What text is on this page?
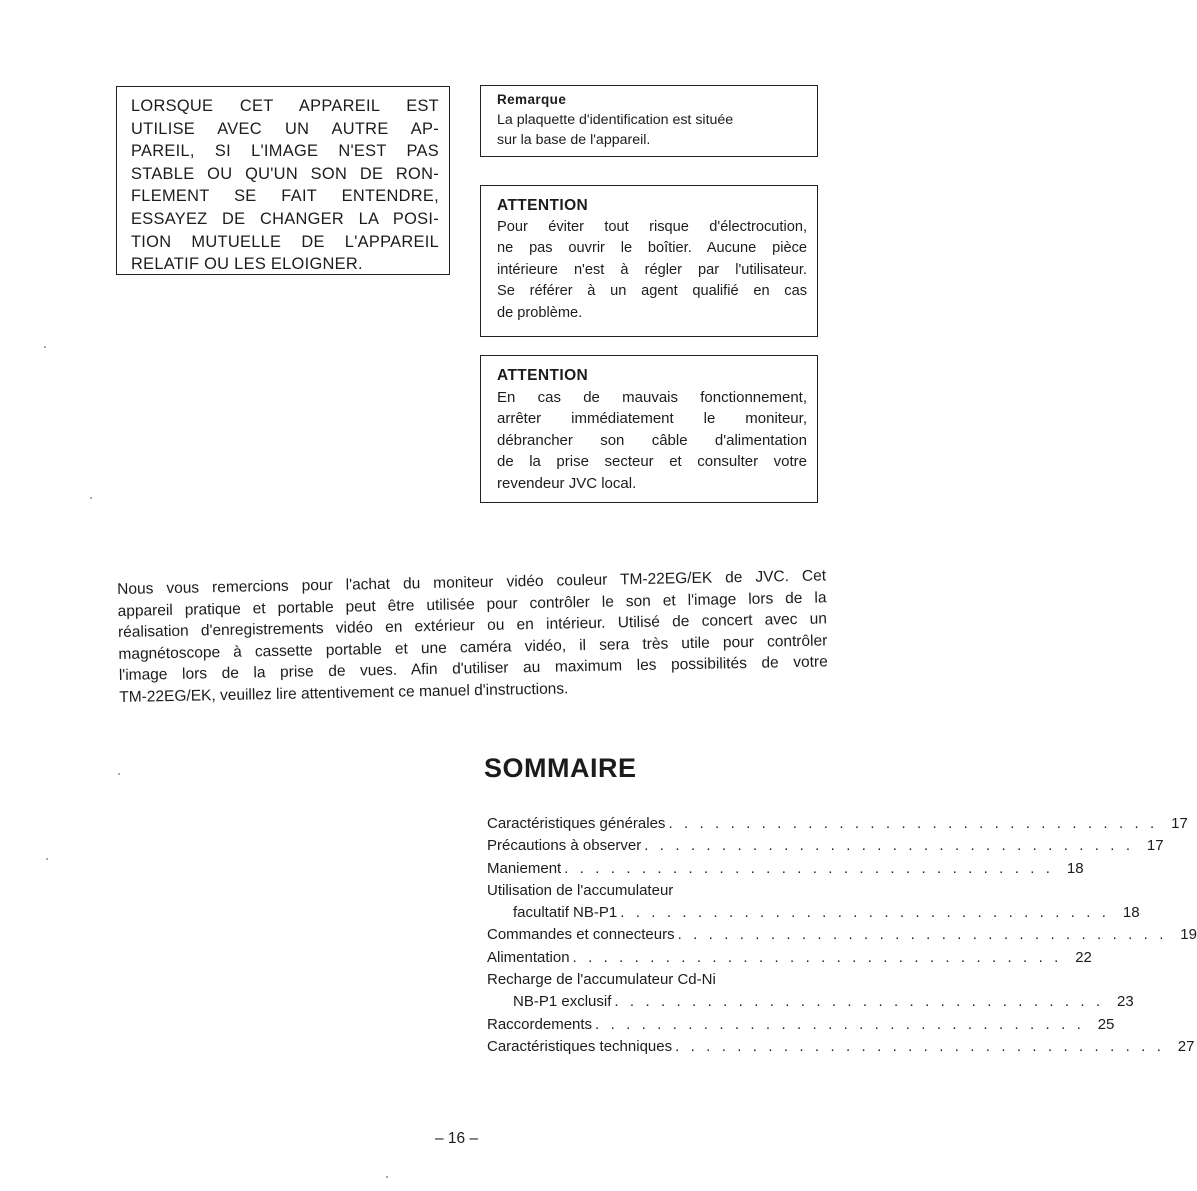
LORSQUE CET APPAREIL EST
UTILISE AVEC UN AUTRE AP-
PAREIL, SI L'IMAGE N'EST PAS
STABLE OU QU'UN SON DE RON-
FLEMENT SE FAIT ENTENDRE,
ESSAYEZ DE CHANGER LA POSI-
TION MUTUELLE DE L'APPAREIL
RELATIF OU LES ELOIGNER.
Remarque
La plaquette d'identification est située
sur la base de l'appareil.
ATTENTION
Pour éviter tout risque d'électrocution,
ne pas ouvrir le boîtier. Aucune pièce
intérieure n'est à régler par l'utilisateur.
Se référer à un agent qualifié en cas
de problème.
ATTENTION
En cas de mauvais fonctionnement,
arrêter immédiatement le moniteur,
débrancher son câble d'alimentation
de la prise secteur et consulter votre
revendeur JVC local.
Nous vous remercions pour l'achat du moniteur vidéo couleur TM-22EG/EK de JVC. Cet
appareil pratique et portable peut être utilisée pour contrôler le son et l'image lors de la
réalisation d'enregistrements vidéo en extérieur ou en intérieur. Utilisé de concert avec un
magnétoscope à cassette portable et une caméra vidéo, il sera très utile pour contrôler
l'image lors de la prise de vues. Afin d'utiliser au maximum les possibilités de votre
TM-22EG/EK, veuillez lire attentivement ce manuel d'instructions.
SOMMAIRE
Caractéristiques générales . . . . . . . . . . . . . . . . . . . . . . . . . . . . . . . . 17
Précautions à observer . . . . . . . . . . . . . . . . . . . . . . . . . . . . . . . . 17
Maniement . . . . . . . . . . . . . . . . . . . . . . . . . . . . . . . . 18
Utilisation de l'accumulateur
facultatif NB-P1 . . . . . . . . . . . . . . . . . . . . . . . . . . . . . . . . 18
Commandes et connecteurs . . . . . . . . . . . . . . . . . . . . . . . . . . . . . . . . 19
Alimentation . . . . . . . . . . . . . . . . . . . . . . . . . . . . . . . . 22
Recharge de l'accumulateur Cd-Ni
NB-P1 exclusif . . . . . . . . . . . . . . . . . . . . . . . . . . . . . . . . 23
Raccordements . . . . . . . . . . . . . . . . . . . . . . . . . . . . . . . . 25
Caractéristiques techniques . . . . . . . . . . . . . . . . . . . . . . . . . . . . . . . . 27
– 16 –
